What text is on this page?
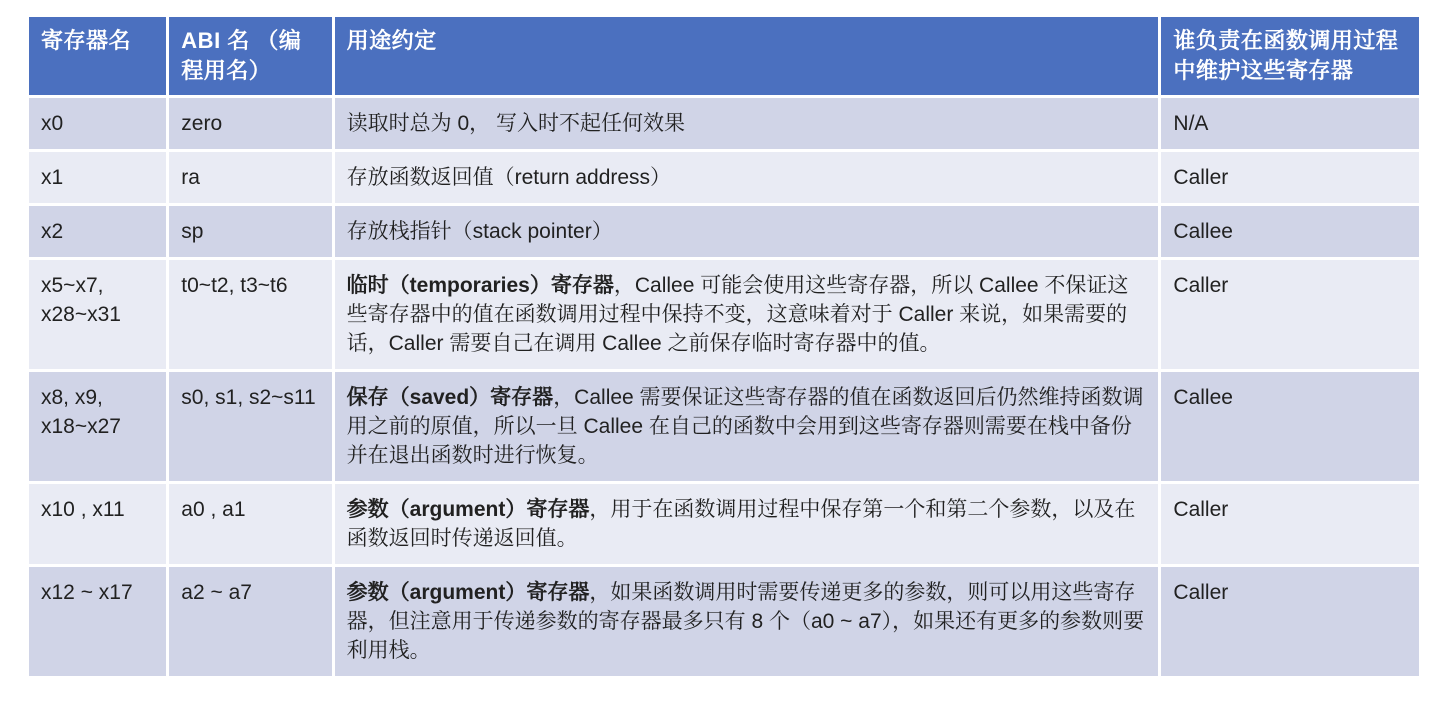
寄存器名	ABI 名 （编程用名）	用途约定	谁负责在函数调用过程中维护这些寄存器
x0	zero	读取时总为 0， 写入时不起任何效果	N/A
x1	ra	存放函数返回值（return address）	Caller
x2	sp	存放栈指针（stack pointer）	Callee
x5~x7, x28~x31	t0~t2, t3~t6	临时（temporaries）寄存器，Callee 可能会使用这些寄存器，所以 Callee 不保证这些寄存器中的值在函数调用过程中保持不变，这意味着对于 Caller 来说，如果需要的话，Caller 需要自己在调用 Callee 之前保存临时寄存器中的值。	Caller
x8, x9, x18~x27	s0, s1, s2~s11	保存（saved）寄存器，Callee 需要保证这些寄存器的值在函数返回后仍然维持函数调用之前的原值，所以一旦 Callee 在自己的函数中会用到这些寄存器则需要在栈中备份并在退出函数时进行恢复。	Callee
x10 , x11	a0 , a1	参数（argument）寄存器，用于在函数调用过程中保存第一个和第二个参数，以及在函数返回时传递返回值。	Caller
x12 ~ x17	a2 ~ a7	参数（argument）寄存器，如果函数调用时需要传递更多的参数，则可以用这些寄存器，但注意用于传递参数的寄存器最多只有 8 个（a0 ~ a7），如果还有更多的参数则要利用栈。	Caller
